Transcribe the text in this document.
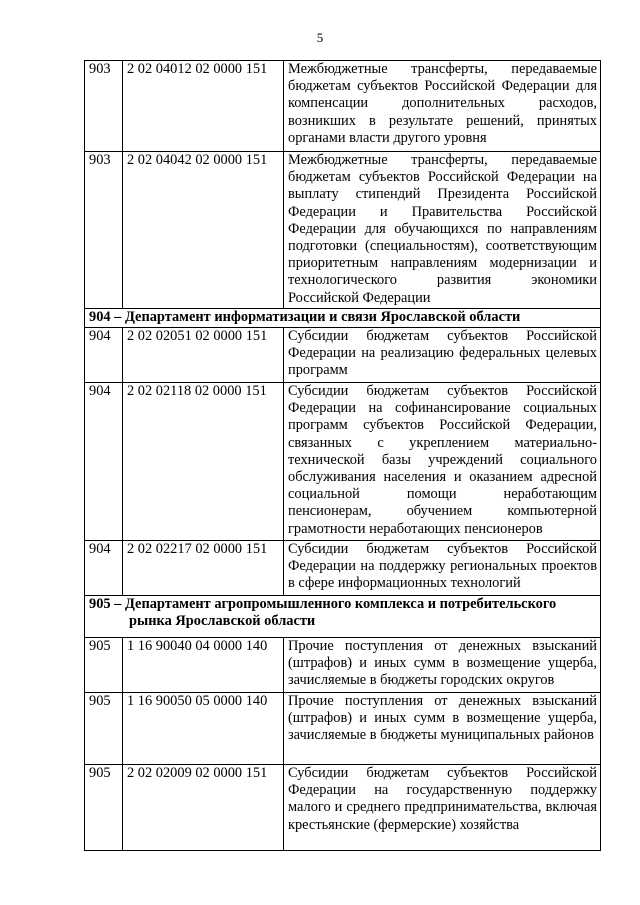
5
903	2 02 04012 02 0000 151	Межбюджетные трансферты, передаваемые бюджетам субъектов Российской Федерации для компенсации дополнительных расходов, возникших в результате решений, принятых органами власти другого уровня
903	2 02 04042 02 0000 151	Межбюджетные трансферты, передаваемые бюджетам субъектов Российской Федерации на выплату стипендий Президента Российской Федерации и Правительства Российской Федерации для обучающихся по направлениям подготовки (специальностям), соответствующим приоритетным направлениям модернизации и технологического развития экономики Российской Федерации
904 – Департамент информатизации и связи Ярославской области		
904	2 02 02051 02 0000 151	Субсидии бюджетам субъектов Российской Федерации на реализацию федеральных целевых программ
904	2 02 02118 02 0000 151	Субсидии бюджетам субъектов Российской Федерации на софинансирование социальных программ субъектов Российской Федерации, связанных с укреплением материально-технической базы учреждений социального обслуживания населения и оказанием адресной социальной помощи неработающим пенсионерам, обучением компьютерной грамотности неработающих пенсионеров
904	2 02 02217 02 0000 151	Субсидии бюджетам субъектов Российской Федерации на поддержку региональных проектов в сфере информационных технологий

905 – Департамент агропромышленного комплекса и потребительского рынка Ярославской области		

905	1 16 90040 04 0000 140	Прочие поступления от денежных взысканий (штрафов) и иных сумм в возмещение ущерба, зачисляемые в бюджеты городских округов
905	1 16 90050 05 0000 140	Прочие поступления от денежных взысканий (штрафов) и иных сумм в возмещение ущерба, зачисляемые в бюджеты муниципальных районов
905	2 02 02009 02 0000 151	Субсидии бюджетам субъектов Российской Федерации на государственную поддержку малого и среднего предпринимательства, включая крестьянские (фермерские) хозяйства
